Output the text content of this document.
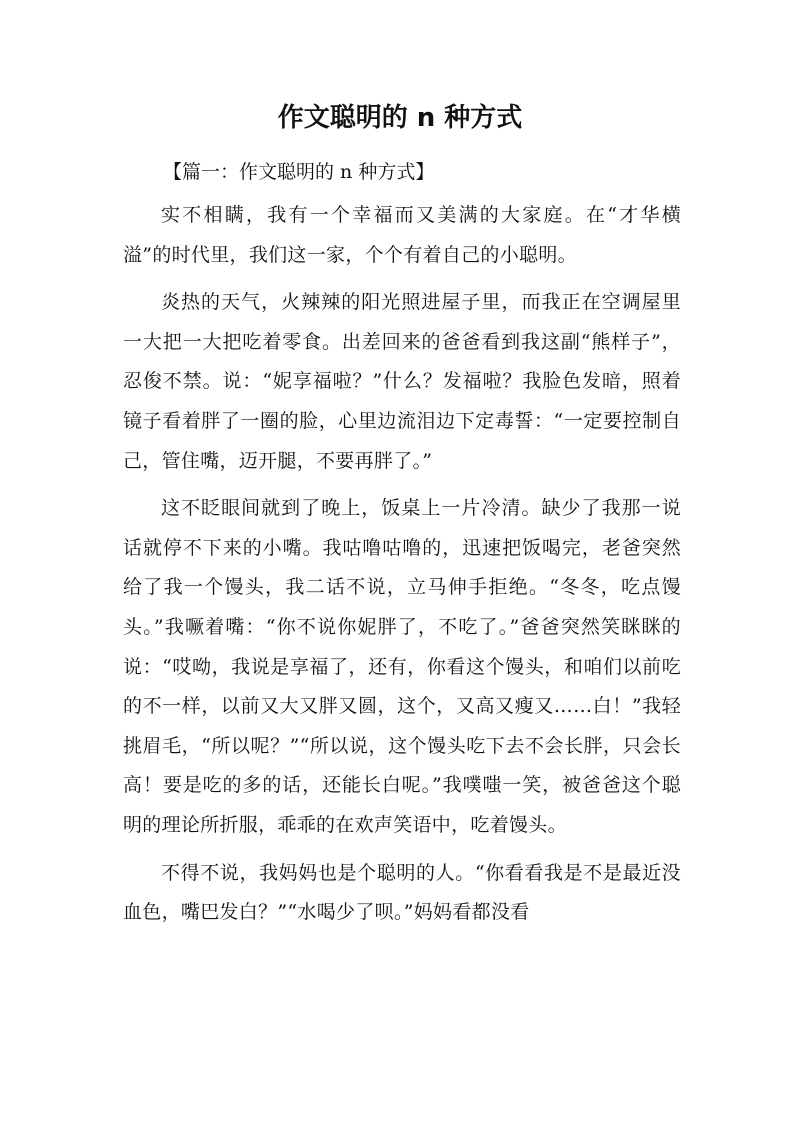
作文聪明的 n 种方式

【篇一：作文聪明的 n 种方式】

实不相瞒，我有一个幸福而又美满的大家庭。在“才华横溢”的时代里，我们这一家，个个有着自己的小聪明。

炎热的天气，火辣辣的阳光照进屋子里，而我正在空调屋里一大把一大把吃着零食。出差回来的爸爸看到我这副“熊样子”，忍俊不禁。说：“妮享福啦？”什么？发福啦？我脸色发暗，照着镜子看着胖了一圈的脸，心里边流泪边下定毒誓：“一定要控制自己，管住嘴，迈开腿，不要再胖了。”

这不眨眼间就到了晚上，饭桌上一片冷清。缺少了我那一说话就停不下来的小嘴。我咕噜咕噜的，迅速把饭喝完，老爸突然给了我一个馒头，我二话不说，立马伸手拒绝。“冬冬，吃点馒头。”我噘着嘴：“你不说你妮胖了，不吃了。”爸爸突然笑眯眯的说：“哎呦，我说是享福了，还有，你看这个馒头，和咱们以前吃的不一样，以前又大又胖又圆，这个，又高又瘦又……白！”我轻挑眉毛，“所以呢？”“所以说，这个馒头吃下去不会长胖，只会长高！要是吃的多的话，还能长白呢。”我噗嗤一笑，被爸爸这个聪明的理论所折服，乖乖的在欢声笑语中，吃着馒头。

不得不说，我妈妈也是个聪明的人。“你看看我是不是最近没血色，嘴巴发白？”“水喝少了呗。”妈妈看都没看
